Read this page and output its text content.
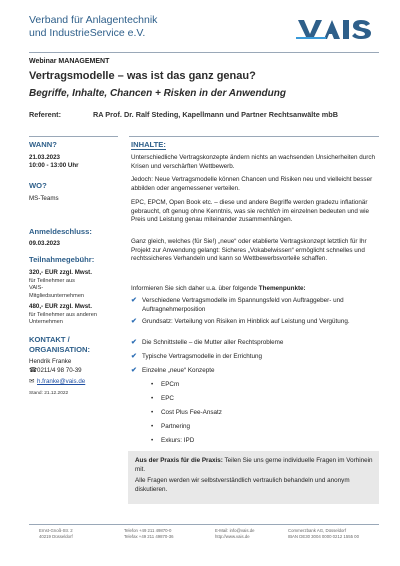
Verband für Anlagentechnik
und IndustrieService e.V.
Webinar MANAGEMENT
Vertragsmodelle – was ist das ganz genau?
Begriffe, Inhalte, Chancen + Risken in der Anwendung
Referent:	RA Prof. Dr. Ralf Steding, Kapellmann und Partner Rechtsanwälte mbB
WANN?
21.03.2023
10:00 - 13:00 Uhr
WO?
MS-Teams
Anmeldeschluss:
09.03.2023
Teilnahmegebühr:
320,- EUR zzgl. Mwst.
für Teilnehmer aus
VAIS-
Mitgliedsunternehmen
480,- EUR zzgl. Mwst.
für Teilnehmer aus anderen
Unternehmen
KONTAKT /
ORGANISATION:
Hendrik Franke
☎0211/4 98 70-39
✉ h.franke@vais.de
Stand: 21.12.2022
INHALTE:
Unterschiedliche Vertragskonzepte ändern nichts an wachsenden Unsicherheiten durch Krisen und verschärften Wettbewerb.
Jedoch: Neue Vertragsmodelle können Chancen und Risiken neu und vielleicht besser abbilden oder angemessener verteilen.
EPC, EPCM, Open Book etc. – diese und andere Begriffe werden gradezu inflationär gebraucht, oft genug ohne Kenntnis, was sie rechtlich im einzelnen bedeuten und wie Preis und Leistung genau miteinander zusammenhängen.
Ganz gleich, welches (für Sie!) „neue“ oder etablierte Vertragskonzept letztlich für Ihr Projekt zur Anwendung gelangt: Sicheres „Vokabelwissen“ ermöglicht schnelles und rechtssicheres Verhandeln und kann so Wettbewerbsvorteile schaffen.
Informieren Sie sich daher u.a. über folgende Themenpunkte:
✔ Verschiedene Vertragsmodelle im Spannungsfeld von Auftraggeber- und Auftragnehmerposition
✔ Grundsatz: Verteilung von Risiken im Hinblick auf Leistung und Vergütung.
✔ Die Schnittstelle – die Mutter aller Rechtsprobleme
✔ Typische Vertragsmodelle in der Errichtung
✔ Einzelne „neue“ Konzepte
• EPCm
• EPC
• Cost Plus Fee-Ansatz
• Partnering
• Exkurs: IPD
Aus der Praxis für die Praxis: Teilen Sie uns gerne individuelle Fragen im Vorhinein mit.
Alle Fragen werden wir selbstverständlich vertraulich behandeln und anonym diskutieren.
Ernst-Gnoß-Str. 2
40219 Düsseldorf
Telefon +49 211 49870-0
Telefax +49 211 49870-36
E-Mail: info@vais.de
http://www.vais.de
Commerzbank AG, Düsseldorf
IBAN DE30 3004 0000 0212 1555 00
